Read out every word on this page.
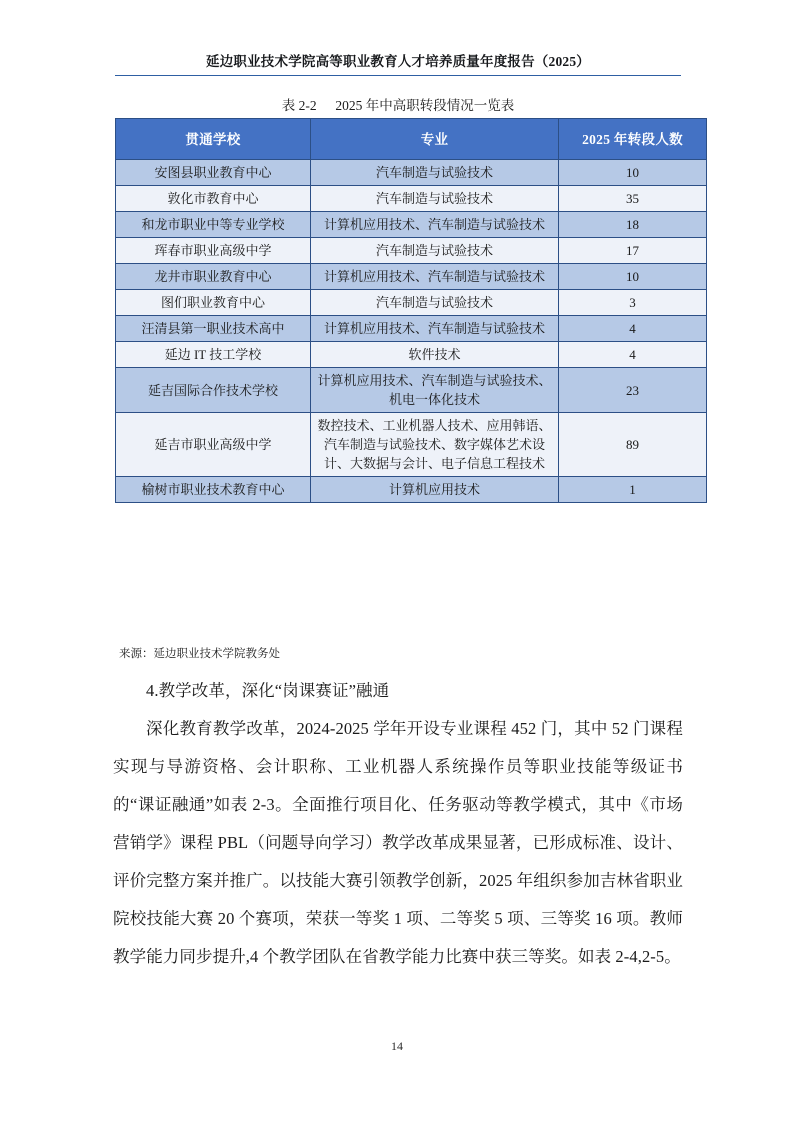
延边职业技术学院高等职业教育人才培养质量年度报告（2025）
表 2-2 2025 年中高职转段情况一览表
贯通学校	专业	2025 年转段人数
安图县职业教育中心	汽车制造与试验技术	10
敦化市教育中心	汽车制造与试验技术	35
和龙市职业中等专业学校	计算机应用技术、汽车制造与试验技术	18
珲春市职业高级中学	汽车制造与试验技术	17
龙井市职业教育中心	计算机应用技术、汽车制造与试验技术	10
图们职业教育中心	汽车制造与试验技术	3
汪清县第一职业技术高中	计算机应用技术、汽车制造与试验技术	4
延边 IT 技工学校	软件技术	4
延吉国际合作技术学校	计算机应用技术、汽车制造与试验技术、机电一体化技术	23
延吉市职业高级中学	数控技术、工业机器人技术、应用韩语、汽车制造与试验技术、数字媒体艺术设计、大数据与会计、电子信息工程技术	89
榆树市职业技术教育中心	计算机应用技术	1
来源：延边职业技术学院教务处

4.教学改革，深化“岗课赛证”融通

深化教育教学改革，2024-2025 学年开设专业课程 452 门，其中 52 门课程实现与导游资格、会计职称、工业机器人系统操作员等职业技能等级证书的“课证融通”如表 2-3。全面推行项目化、任务驱动等教学模式，其中《市场营销学》课程 PBL（问题导向学习）教学改革成果显著，已形成标准、设计、评价完整方案并推广。以技能大赛引领教学创新，2025 年组织参加吉林省职业院校技能大赛 20 个赛项，荣获一等奖 1 项、二等奖 5 项、三等奖 16 项。教师教学能力同步提升,4 个教学团队在省教学能力比赛中获三等奖。如表 2-4,2-5。

14
